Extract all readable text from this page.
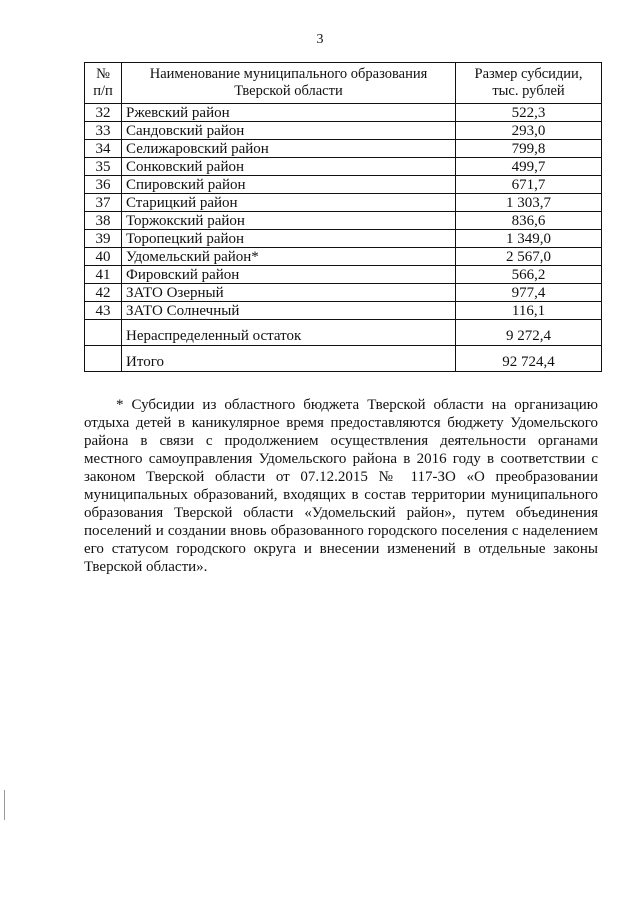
3
№ п/п	Наименование муниципального образования Тверской области	Размер субсидии, тыс. рублей
32	Ржевский район	522,3
33	Сандовский район	293,0
34	Селижаровский район	799,8
35	Сонковский район	499,7
36	Спировский район	671,7
37	Старицкий район	1 303,7
38	Торжокский район	836,6
39	Торопецкий район	1 349,0
40	Удомельский район*	2 567,0
41	Фировский район	566,2
42	ЗАТО Озерный	977,4
43	ЗАТО Солнечный	116,1
	Нераспределенный остаток	9 272,4
	Итого	92 724,4

* Субсидии из областного бюджета Тверской области на организацию отдыха детей в каникулярное время предоставляются бюджету Удомельского района в связи с продолжением осуществления деятельности органами местного самоуправления Удомельского района в 2016 году в соответствии с законом Тверской области от 07.12.2015 № 117-ЗО «О преобразовании муниципальных образований, входящих в состав территории муниципального образования Тверской области «Удомельский район», путем объединения поселений и создании вновь образованного городского поселения с наделением его статусом городского округа и внесении изменений в отдельные законы Тверской области».
